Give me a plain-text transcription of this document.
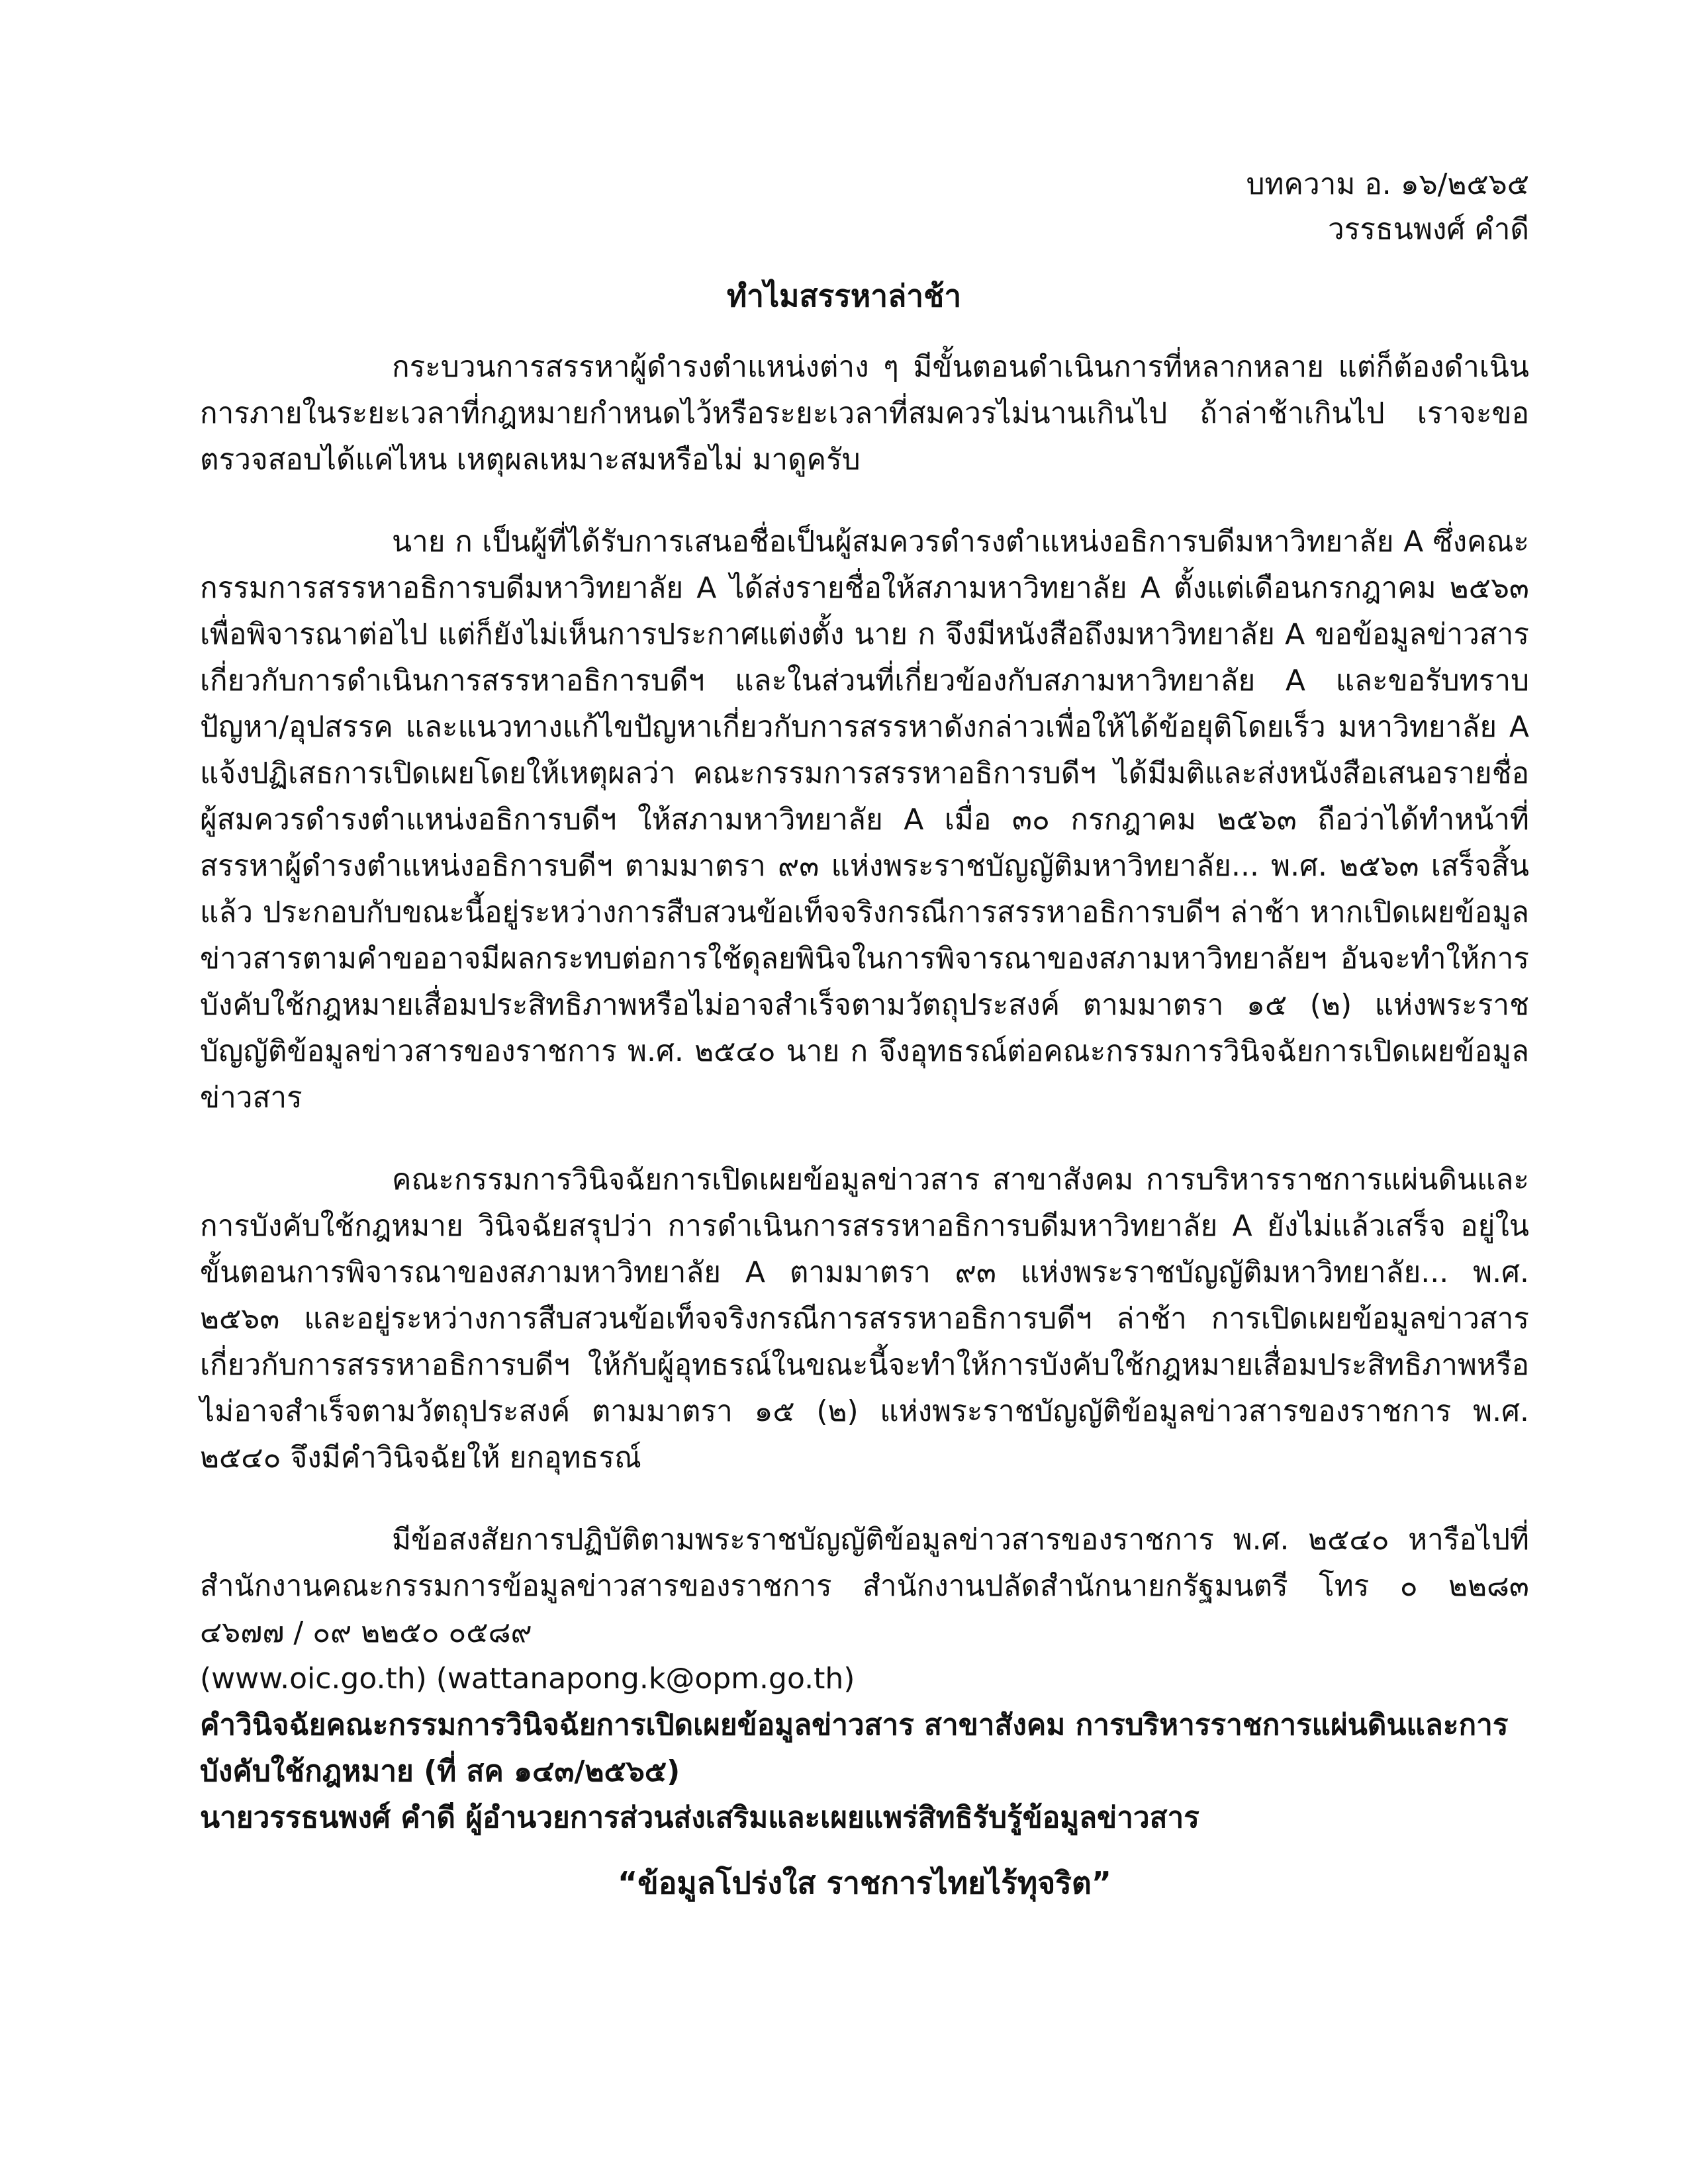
บทความ อ. ๑๖/๒๕๖๕
วรรธนพงศ์ คำดี
ทำไมสรรหาล่าช้า

กระบวนการสรรหาผู้ดำรงตำแหน่งต่าง ๆ มีขั้นตอนดำเนินการที่หลากหลาย แต่ก็ต้องดำเนินการภายในระยะเวลาที่กฎหมายกำหนดไว้หรือระยะเวลาที่สมควรไม่นานเกินไป ถ้าล่าช้าเกินไป เราจะขอตรวจสอบได้แค่ไหน เหตุผลเหมาะสมหรือไม่ มาดูครับ

นาย ก เป็นผู้ที่ได้รับการเสนอชื่อเป็นผู้สมควรดำรงตำแหน่งอธิการบดีมหาวิทยาลัย A ซึ่งคณะกรรมการสรรหาอธิการบดีมหาวิทยาลัย A ได้ส่งรายชื่อให้สภามหาวิทยาลัย A ตั้งแต่เดือนกรกฎาคม ๒๕๖๓ เพื่อพิจารณาต่อไป แต่ก็ยังไม่เห็นการประกาศแต่งตั้ง นาย ก จึงมีหนังสือถึงมหาวิทยาลัย A ขอข้อมูลข่าวสารเกี่ยวกับการดำเนินการสรรหาอธิการบดีฯ และในส่วนที่เกี่ยวข้องกับสภามหาวิทยาลัย A และขอรับทราบปัญหา/อุปสรรค และแนวทางแก้ไขปัญหาเกี่ยวกับการสรรหาดังกล่าวเพื่อให้ได้ข้อยุติโดยเร็ว มหาวิทยาลัย A แจ้งปฏิเสธการเปิดเผยโดยให้เหตุผลว่า คณะกรรมการสรรหาอธิการบดีฯ ได้มีมติและส่งหนังสือเสนอรายชื่อผู้สมควรดำรงตำแหน่งอธิการบดีฯ ให้สภามหาวิทยาลัย A เมื่อ ๓๐ กรกฎาคม ๒๕๖๓ ถือว่าได้ทำหน้าที่สรรหาผู้ดำรงตำแหน่งอธิการบดีฯ ตามมาตรา ๙๓ แห่งพระราชบัญญัติมหาวิทยาลัย... พ.ศ. ๒๕๖๓ เสร็จสิ้นแล้ว ประกอบกับขณะนี้อยู่ระหว่างการสืบสวนข้อเท็จจริงกรณีการสรรหาอธิการบดีฯ ล่าช้า หากเปิดเผยข้อมูลข่าวสารตามคำขออาจมีผลกระทบต่อการใช้ดุลยพินิจในการพิจารณาของสภามหาวิทยาลัยฯ อันจะทำให้การบังคับใช้กฎหมายเสื่อมประสิทธิภาพหรือไม่อาจสำเร็จตามวัตถุประสงค์ ตามมาตรา ๑๕ (๒) แห่งพระราชบัญญัติข้อมูลข่าวสารของราชการ พ.ศ. ๒๕๔๐ นาย ก จึงอุทธรณ์ต่อคณะกรรมการวินิจฉัยการเปิดเผยข้อมูลข่าวสาร

คณะกรรมการวินิจฉัยการเปิดเผยข้อมูลข่าวสาร สาขาสังคม การบริหารราชการแผ่นดินและการบังคับใช้กฎหมาย วินิจฉัยสรุปว่า การดำเนินการสรรหาอธิการบดีมหาวิทยาลัย A ยังไม่แล้วเสร็จ อยู่ในขั้นตอนการพิจารณาของสภามหาวิทยาลัย A ตามมาตรา ๙๓ แห่งพระราชบัญญัติมหาวิทยาลัย... พ.ศ. ๒๕๖๓ และอยู่ระหว่างการสืบสวนข้อเท็จจริงกรณีการสรรหาอธิการบดีฯ ล่าช้า การเปิดเผยข้อมูลข่าวสารเกี่ยวกับการสรรหาอธิการบดีฯ ให้กับผู้อุทธรณ์ในขณะนี้จะทำให้การบังคับใช้กฎหมายเสื่อมประสิทธิภาพหรือไม่อาจสำเร็จตามวัตถุประสงค์ ตามมาตรา ๑๕ (๒) แห่งพระราชบัญญัติข้อมูลข่าวสารของราชการ พ.ศ. ๒๕๔๐ จึงมีคำวินิจฉัยให้ ยกอุทธรณ์

มีข้อสงสัยการปฏิบัติตามพระราชบัญญัติข้อมูลข่าวสารของราชการ พ.ศ. ๒๕๔๐ หารือไปที่สำนักงานคณะกรรมการข้อมูลข่าวสารของราชการ สำนักงานปลัดสำนักนายกรัฐมนตรี โทร ๐ ๒๒๘๓ ๔๖๗๗ / ๐๙ ๒๒๕๐ ๐๕๘๙

(www.oic.go.th) (wattanapong.k@opm.go.th)

คำวินิจฉัยคณะกรรมการวินิจฉัยการเปิดเผยข้อมูลข่าวสาร สาขาสังคม การบริหารราชการแผ่นดินและการบังคับใช้กฎหมาย (ที่ สค ๑๔๓/๒๕๖๕)

นายวรรธนพงศ์ คำดี ผู้อำนวยการส่วนส่งเสริมและเผยแพร่สิทธิรับรู้ข้อมูลข่าวสาร

“ข้อมูลโปร่งใส ราชการไทยไร้ทุจริต”
